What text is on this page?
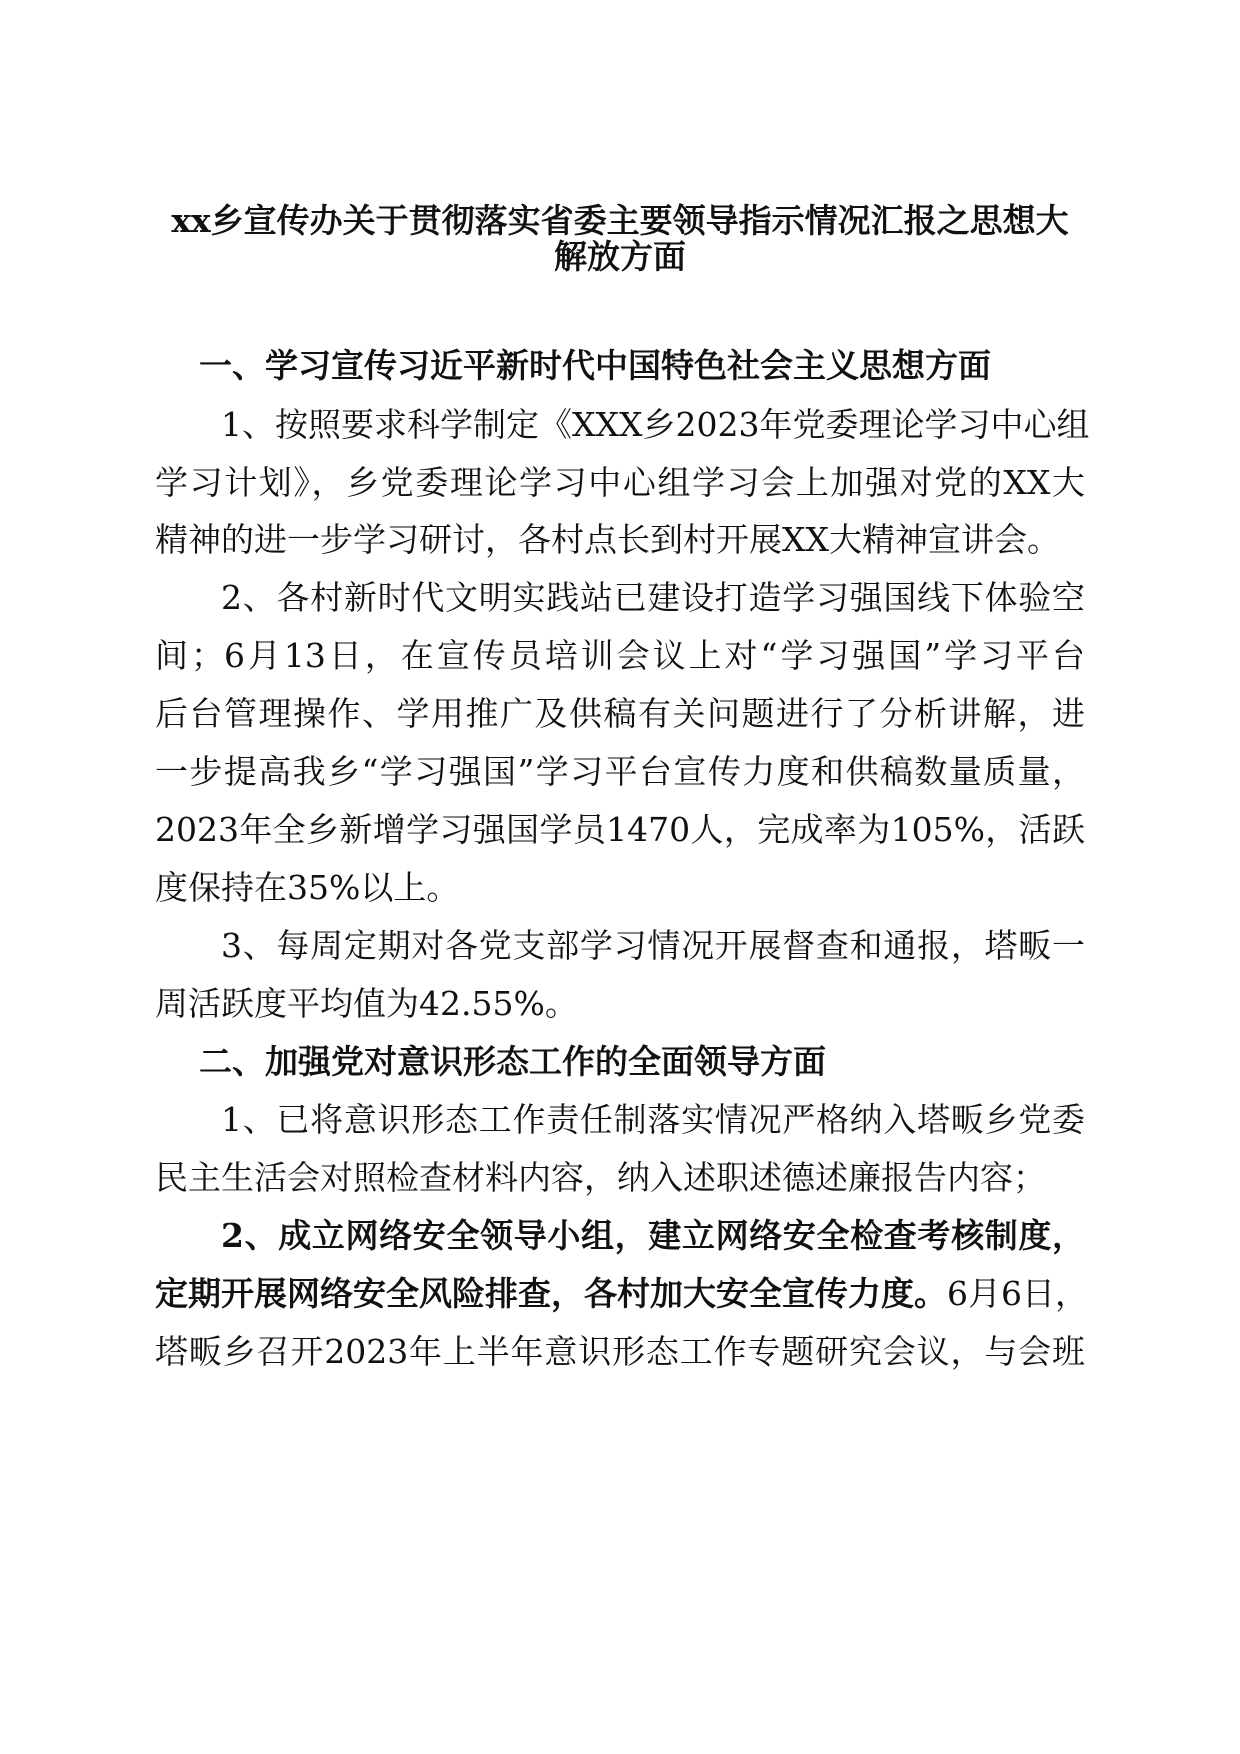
xx乡宣传办关于贯彻落实省委主要领导指示情况汇报之思想大

解放方面

一、学习宣传习近平新时代中国特色社会主义思想方面

1、按照要求科学制定《XXX乡2023年党委理论学习中心组

学习计划》，乡党委理论学习中心组学习会上加强对党的XX大

精神的进一步学习研讨，各村点长到村开展XX大精神宣讲会。

2、各村新时代文明实践站已建设打造学习强国线下体验空

间；6月13日，在宣传员培训会议上对“学习强国”学习平台

后台管理操作、学用推广及供稿有关问题进行了分析讲解，进

一步提高我乡“学习强国”学习平台宣传力度和供稿数量质量，

2023年全乡新增学习强国学员1470人，完成率为105%，活跃

度保持在35%以上。

3、每周定期对各党支部学习情况开展督查和通报，塔畈一

周活跃度平均值为42.55%。

二、加强党对意识形态工作的全面领导方面

1、已将意识形态工作责任制落实情况严格纳入塔畈乡党委

民主生活会对照检查材料内容，纳入述职述德述廉报告内容；

2、成立网络安全领导小组，建立网络安全检查考核制度，

定期开展网络安全风险排查，各村加大安全宣传力度。6月6日，

塔畈乡召开2023年上半年意识形态工作专题研究会议，与会班
